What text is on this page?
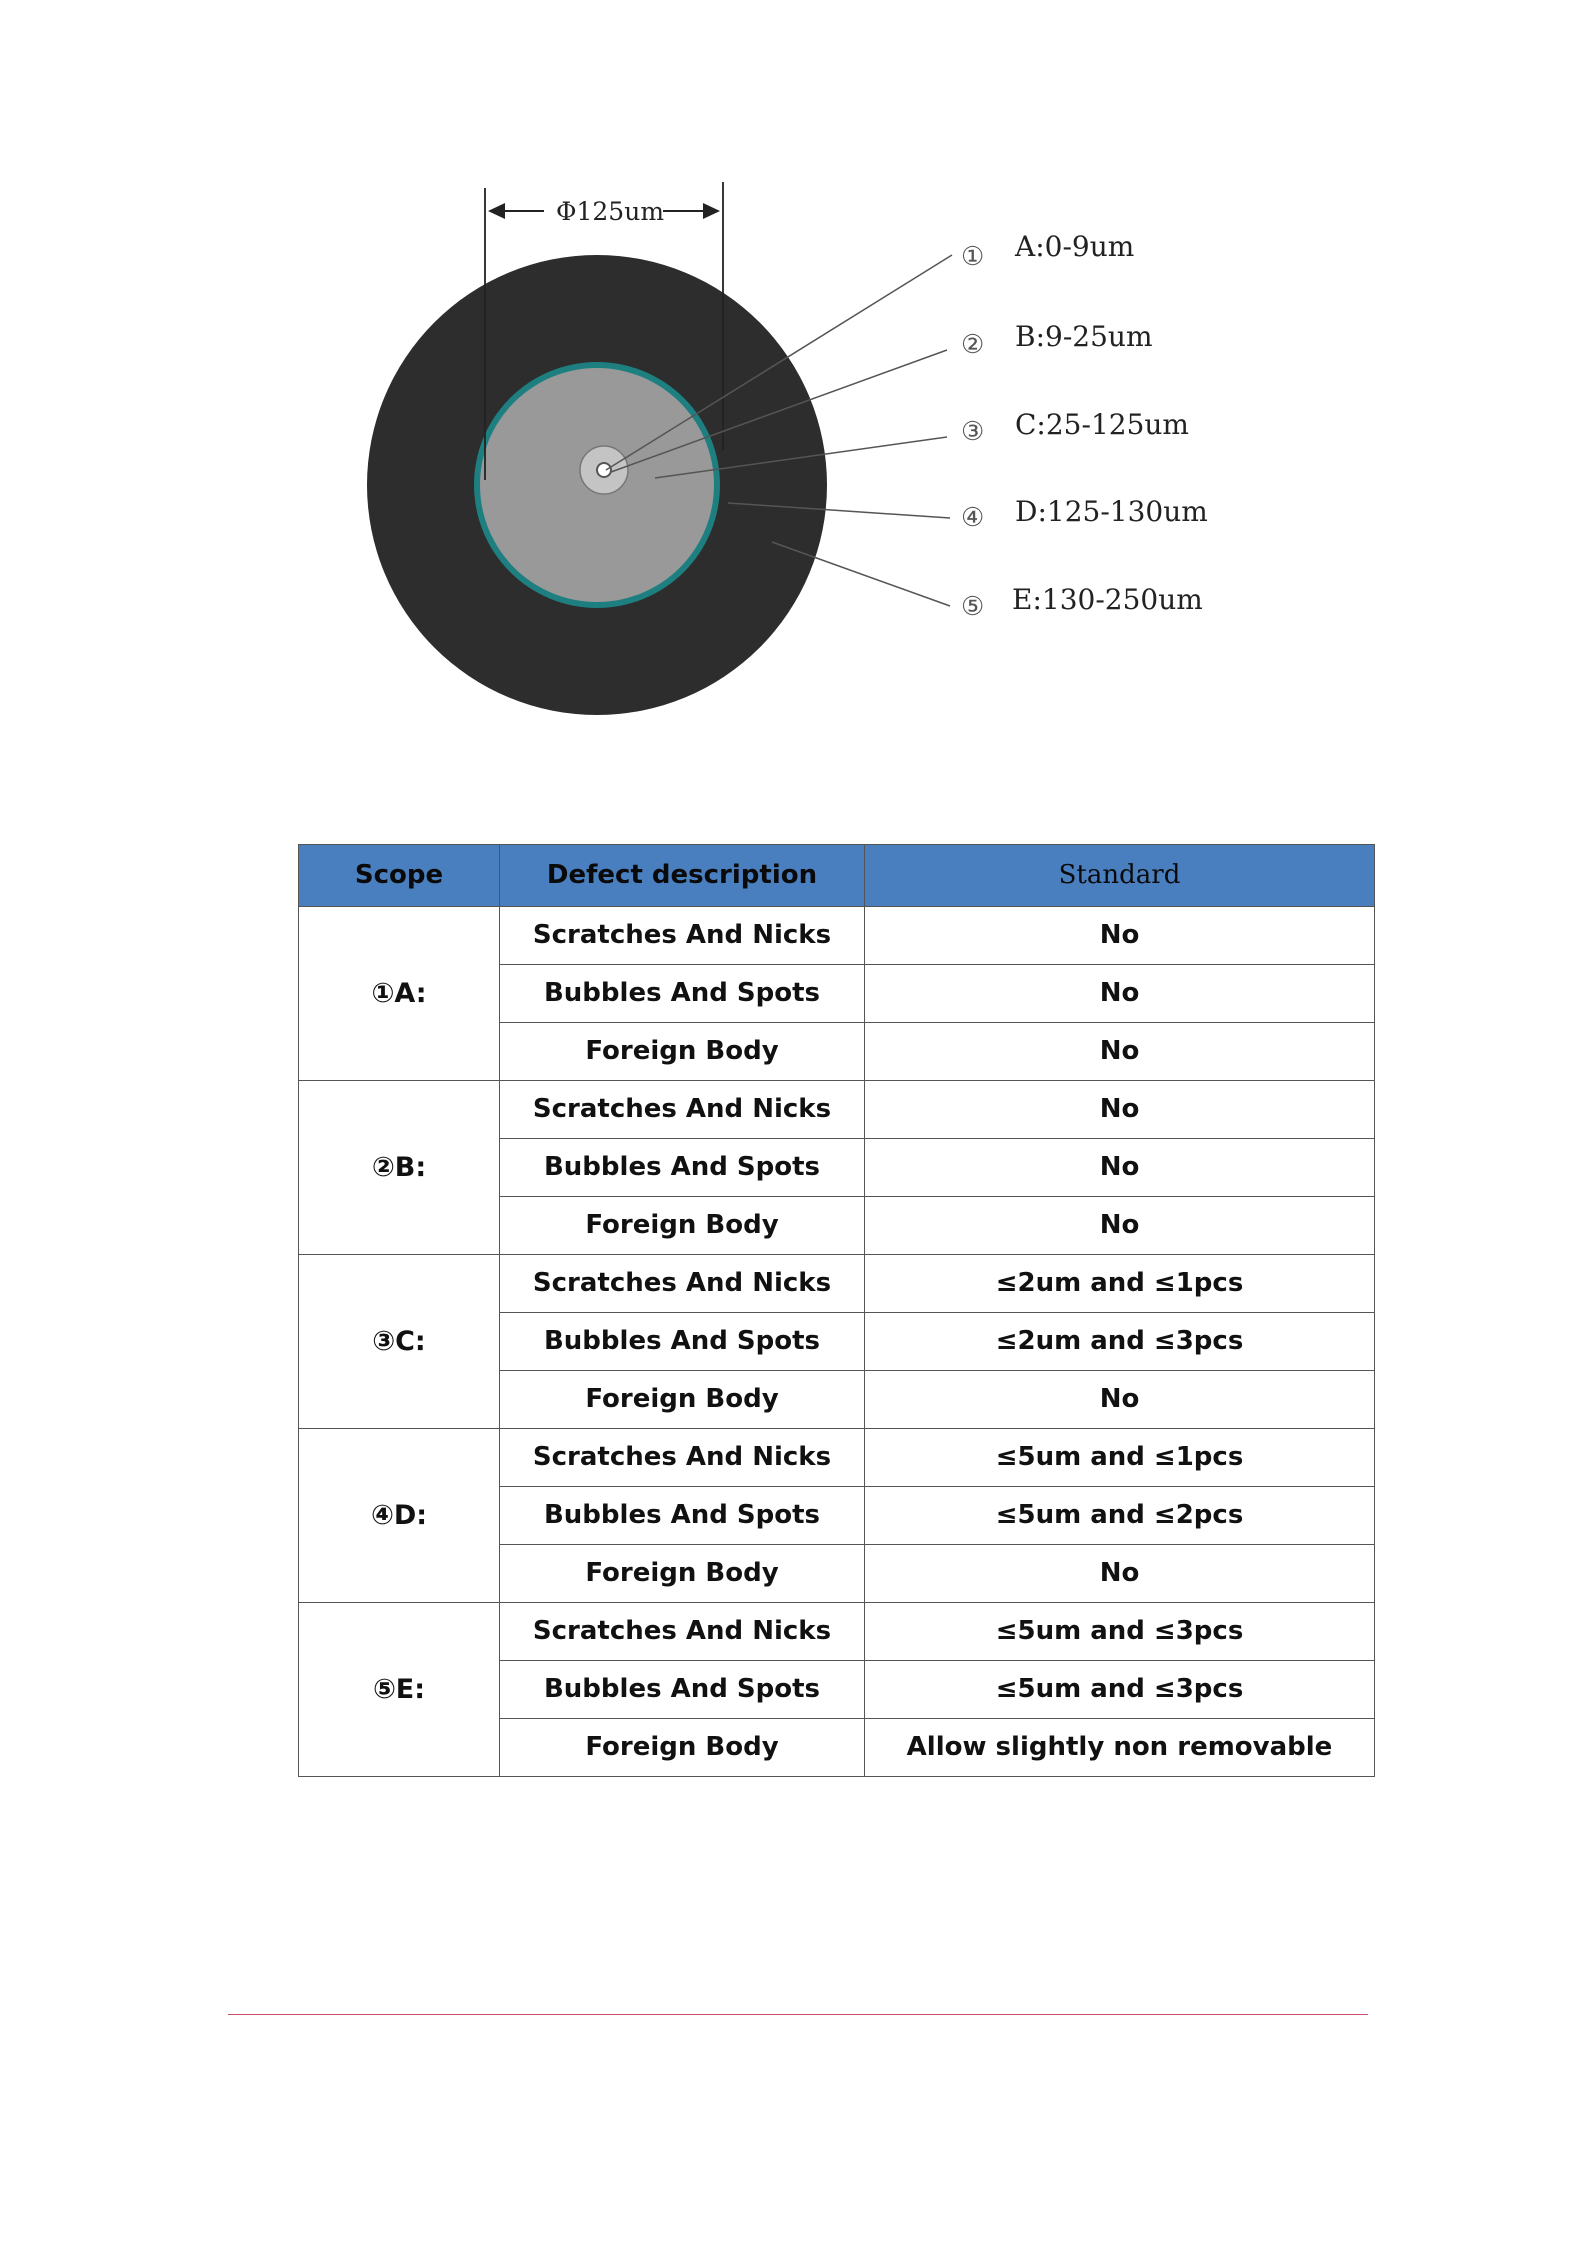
Φ125um
① A:0-9um
② B:9-25um
③ C:25-125um
④ D:125-130um
⑤ E:130-250um
Scope	Defect description	Standard
①A:	Scratches And Nicks	No
	Bubbles And Spots	No
	Foreign Body	No
②B:	Scratches And Nicks	No
	Bubbles And Spots	No
	Foreign Body	No
③C:	Scratches And Nicks	≤2um and ≤1pcs
	Bubbles And Spots	≤2um and ≤3pcs
	Foreign Body	No
④D:	Scratches And Nicks	≤5um and ≤1pcs
	Bubbles And Spots	≤5um and ≤2pcs
	Foreign Body	No
⑤E:	Scratches And Nicks	≤5um and ≤3pcs
	Bubbles And Spots	≤5um and ≤3pcs
	Foreign Body	Allow slightly non removable
